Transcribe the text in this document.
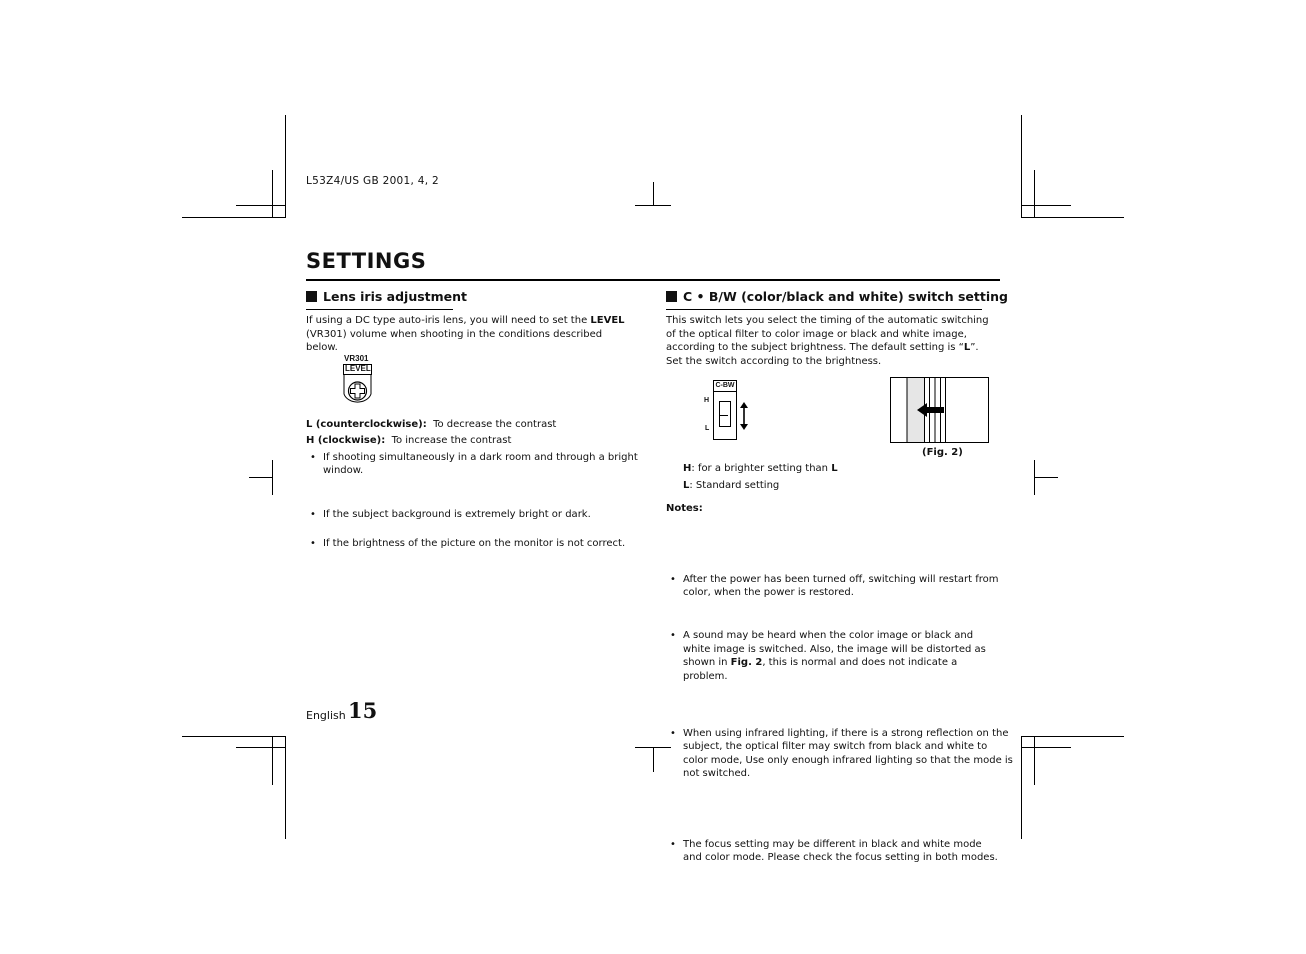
L53Z4/US GB 2001, 4, 2
SETTINGS
Lens iris adjustment
If using a DC type auto-iris lens, you will need to set the LEVEL (VR301) volume when shooting in the conditions described below.
VR301
LEVEL
L (counterclockwise): To decrease the contrast
H (clockwise): To increase the contrast
• If shooting simultaneously in a dark room and through a bright window.
• If the subject background is extremely bright or dark.
• If the brightness of the picture on the monitor is not correct.
C • B/W (color/black and white) switch setting
This switch lets you select the timing of the automatic switching of the optical filter to color image or black and white image, according to the subject brightness. The default setting is “L”. Set the switch according to the brightness.
C-BW
H
L
(Fig. 2)
H: for a brighter setting than L
L: Standard setting
Notes:
• After the power has been turned off, switching will restart from color, when the power is restored.
• A sound may be heard when the color image or black and white image is switched. Also, the image will be distorted as shown in Fig. 2, this is normal and does not indicate a problem.
• When using infrared lighting, if there is a strong reflection on the subject, the optical filter may switch from black and white to color mode, Use only enough infrared lighting so that the mode is not switched.
• The focus setting may be different in black and white mode and color mode. Please check the focus setting in both modes.
English 15
